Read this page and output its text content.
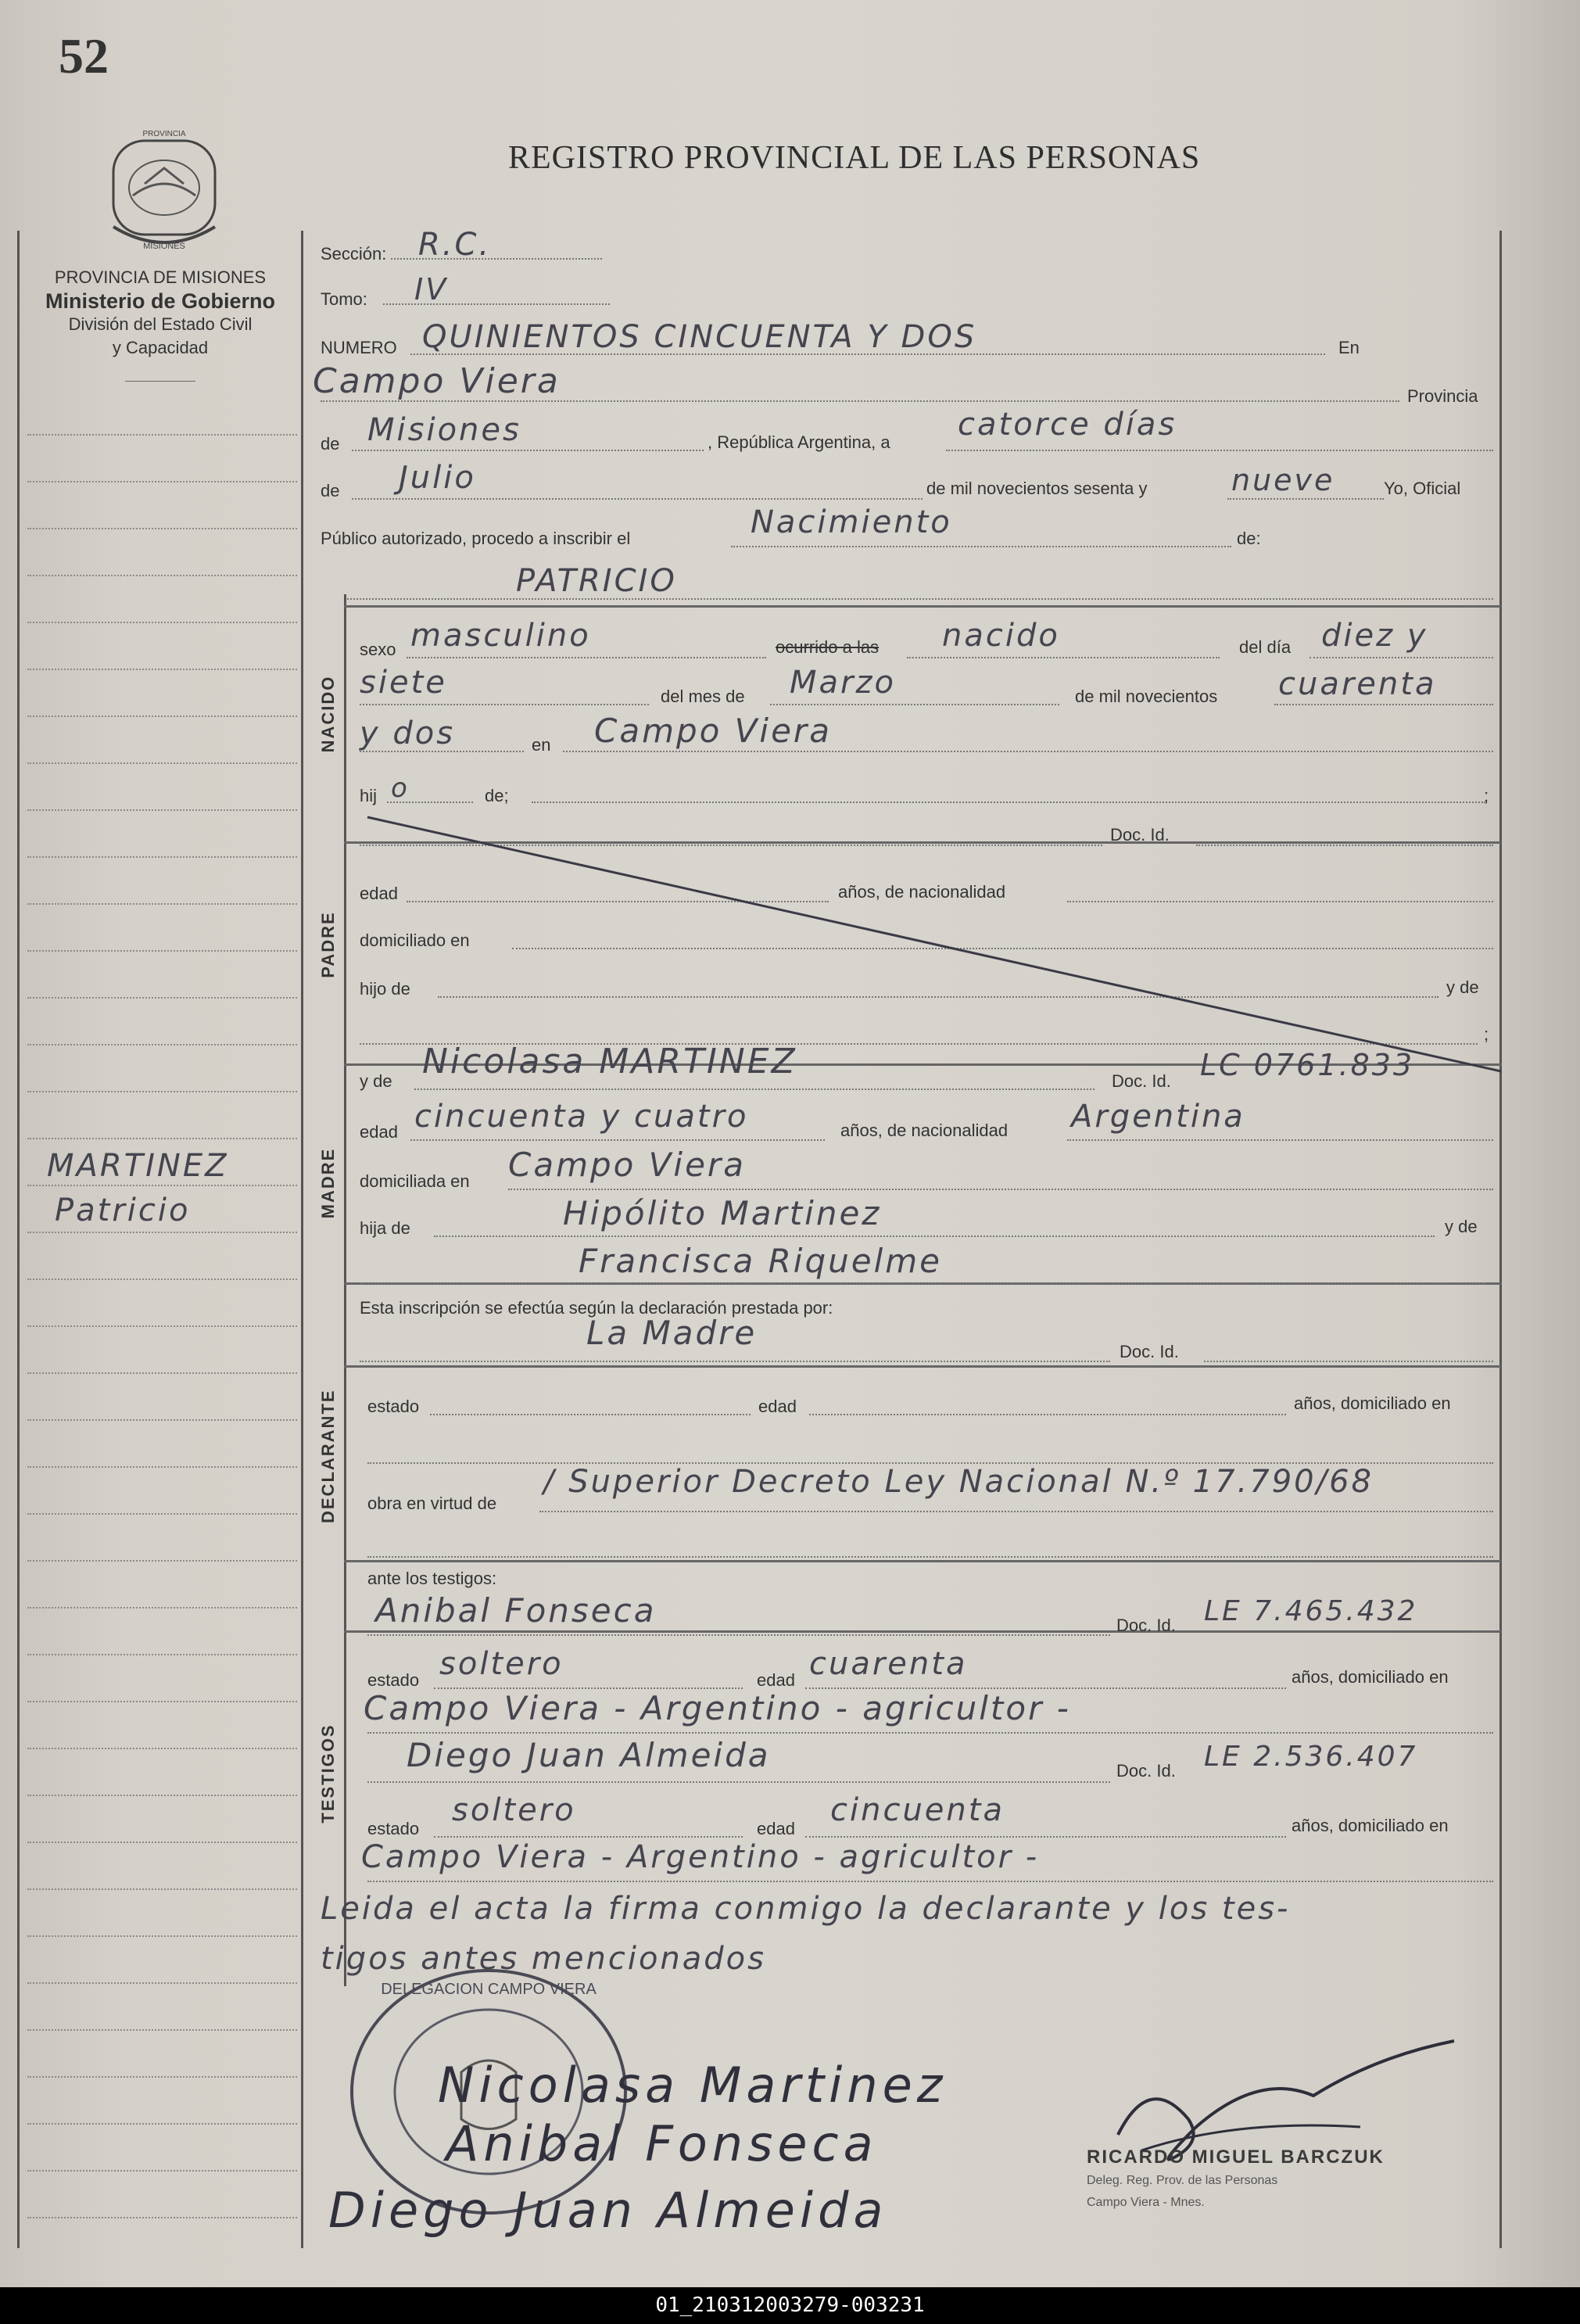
52
REGISTRO PROVINCIAL DE LAS PERSONAS
PROVINCIA
MISIONES
PROVINCIA DE MISIONES
Ministerio de Gobierno
División del Estado Civil
y Capacidad
MARTINEZ
Patricio
Sección: R.C.
Tomo: IV
NUMERO QUINIENTOS CINCUENTA Y DOS	En
Campo Viera	Provincia
de Misiones	, República Argentina, a catorce días
de Julio	de mil novecientos sesenta y	nueve	Yo, Oficial
Público autorizado, procedo a inscribir el	Nacimiento	de:
PATRICIO
NACIDO
PADRE
MADRE
DECLARANTE
TESTIGOS
sexo masculino	ocurrido a las nacido	del día diez y
siete	del mes de Marzo	de mil novecientos cuarenta
y dos	en Campo Viera
hij o	de;	;
Doc. Id.
edad	años, de nacionalidad
domiciliado en
hijo de	y de
;
y de Nicolasa MARTINEZ	Doc. Id. LC 0761.833
edad cincuenta y cuatro	años, de nacionalidad Argentina
domiciliada en Campo Viera
hija de	Hipólito Martinez	y de
Francisca Riquelme
Esta inscripción se efectúa según la declaración prestada por:
La Madre	Doc. Id.
estado	edad	años, domiciliado en
obra en virtud de
/ Superior Decreto Ley Nacional N.º 17.790/68
ante los testigos:
Anibal Fonseca	Doc. Id. LE 7.465.432
estado soltero	edad cuarenta	años, domiciliado en
Campo Viera - Argentino - agricultor -
Diego Juan Almeida	Doc. Id. LE 2.536.407
estado
soltero
edad
cincuenta	años, domiciliado en
Campo Viera - Argentino - agricultor -
Leida el acta la firma conmigo la declarante y los tes-
tigos antes mencionados
DELEGACION CAMPO VIERA
RICARDO MIGUEL BARCZUK
Deleg. Reg. Prov. de las Personas
Campo Viera - Mnes.
Nicolasa Martinez
Anibal Fonseca
Diego Juan Almeida
01_210312003279-003231
